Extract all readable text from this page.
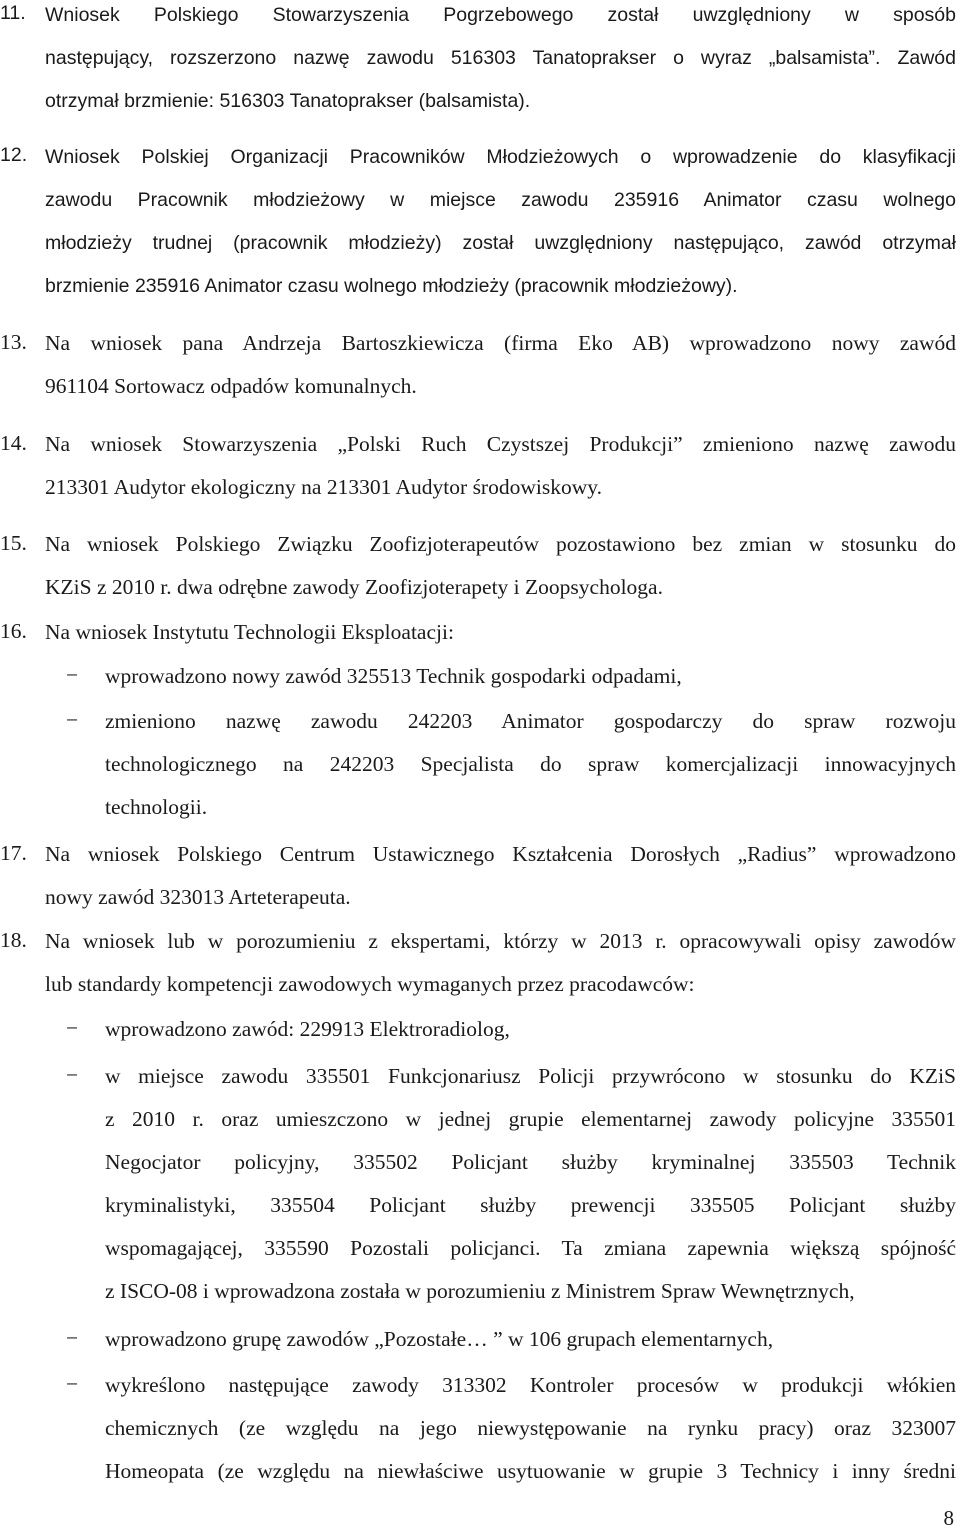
11. Wniosek Polskiego Stowarzyszenia Pogrzebowego został uwzględniony w sposób
następujący, rozszerzono nazwę zawodu 516303 Tanatoprakser o wyraz „balsamista”. Zawód
otrzymał brzmienie: 516303 Tanatoprakser (balsamista).
12. Wniosek Polskiej Organizacji Pracowników Młodzieżowych o wprowadzenie do klasyfikacji
zawodu Pracownik młodzieżowy w miejsce zawodu 235916 Animator czasu wolnego
młodzieży trudnej (pracownik młodzieży) został uwzględniony następująco, zawód otrzymał
brzmienie 235916 Animator czasu wolnego młodzieży (pracownik młodzieżowy).
13. Na wniosek pana Andrzeja Bartoszkiewicza (firma Eko AB) wprowadzono nowy zawód
961104 Sortowacz odpadów komunalnych.
14. Na wniosek Stowarzyszenia „Polski Ruch Czystszej Produkcji” zmieniono nazwę zawodu
213301 Audytor ekologiczny na 213301 Audytor środowiskowy.
15. Na wniosek Polskiego Związku Zoofizjoterapeutów pozostawiono bez zmian w stosunku do
KZiS z 2010 r. dwa odrębne zawody Zoofizjoterapety i Zoopsychologa.
16. Na wniosek Instytutu Technologii Eksploatacji:
− wprowadzono nowy zawód 325513 Technik gospodarki odpadami,
− zmieniono nazwę zawodu 242203 Animator gospodarczy do spraw rozwoju
technologicznego na 242203 Specjalista do spraw komercjalizacji innowacyjnych
technologii.
17. Na wniosek Polskiego Centrum Ustawicznego Kształcenia Dorosłych „Radius” wprowadzono
nowy zawód 323013 Arteterapeuta.
18. Na wniosek lub w porozumieniu z ekspertami, którzy w 2013 r. opracowywali opisy zawodów
lub standardy kompetencji zawodowych wymaganych przez pracodawców:
− wprowadzono zawód: 229913 Elektroradiolog,
− w miejsce zawodu 335501 Funkcjonariusz Policji przywrócono w stosunku do KZiS
z 2010 r. oraz umieszczono w jednej grupie elementarnej zawody policyjne 335501
Negocjator policyjny, 335502 Policjant służby kryminalnej 335503 Technik
kryminalistyki, 335504 Policjant służby prewencji 335505 Policjant służby
wspomagającej, 335590 Pozostali policjanci. Ta zmiana zapewnia większą spójność
z ISCO-08 i wprowadzona została w porozumieniu z Ministrem Spraw Wewnętrznych,
− wprowadzono grupę zawodów „Pozostałe… ” w 106 grupach elementarnych,
− wykreślono następujące zawody 313302 Kontroler procesów w produkcji włókien
chemicznych (ze względu na jego niewystępowanie na rynku pracy) oraz 323007
Homeopata (ze względu na niewłaściwe usytuowanie w grupie 3 Technicy i inny średni
8
